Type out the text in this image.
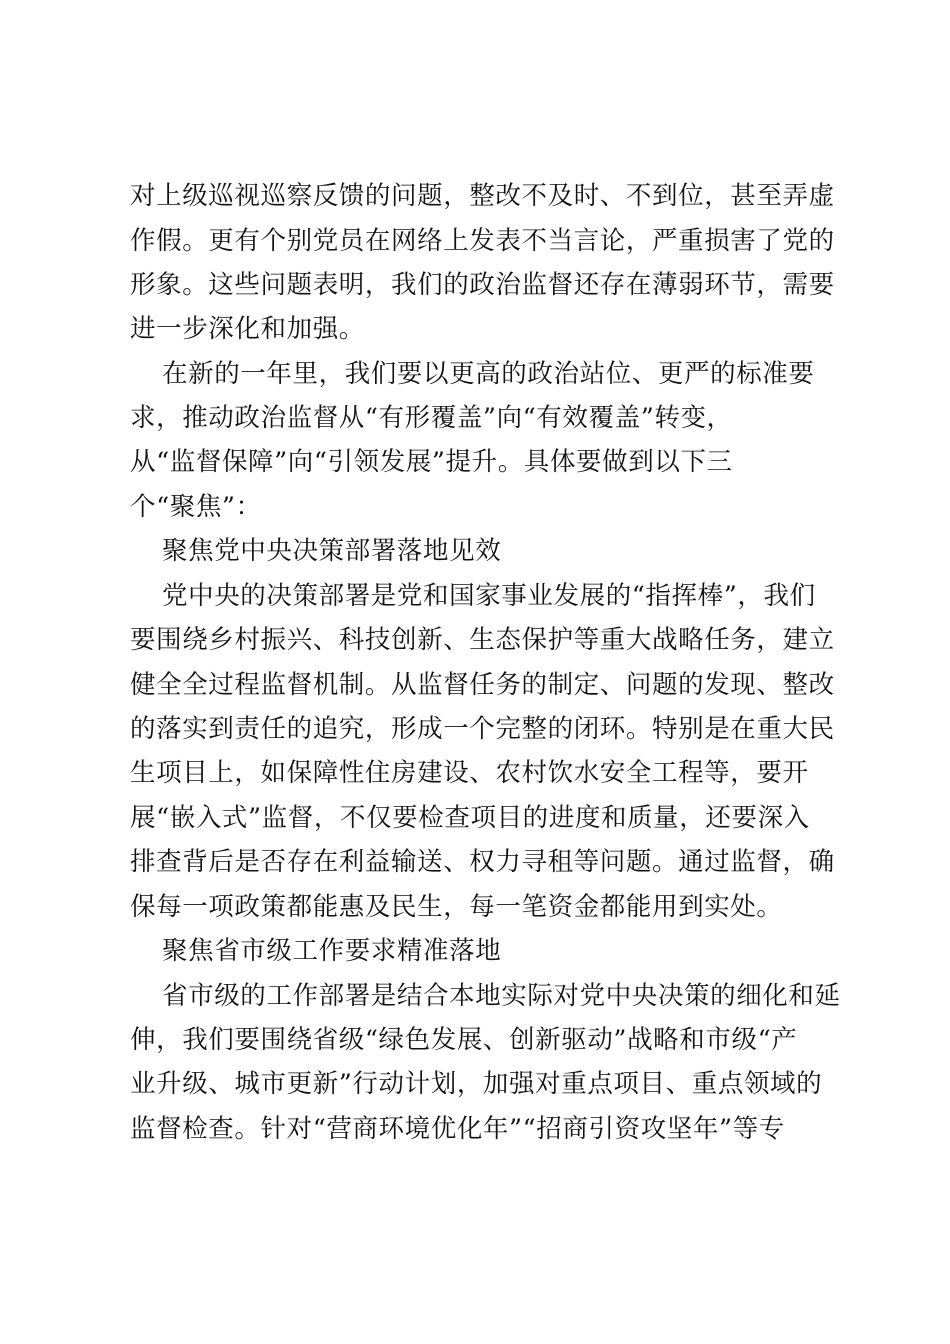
对上级巡视巡察反馈的问题，整改不及时、不到位，甚至弄虚
作假。更有个别党员在网络上发表不当言论，严重损害了党的
形象。这些问题表明，我们的政治监督还存在薄弱环节，需要
进一步深化和加强。
在新的一年里，我们要以更高的政治站位、更严的标准要
求，推动政治监督从“有形覆盖”向“有效覆盖”转变，
从“监督保障”向“引领发展”提升。具体要做到以下三
个“聚焦”：
聚焦党中央决策部署落地见效
党中央的决策部署是党和国家事业发展的“指挥棒”，我们
要围绕乡村振兴、科技创新、生态保护等重大战略任务，建立
健全全过程监督机制。从监督任务的制定、问题的发现、整改
的落实到责任的追究，形成一个完整的闭环。特别是在重大民
生项目上，如保障性住房建设、农村饮水安全工程等，要开
展“嵌入式”监督，不仅要检查项目的进度和质量，还要深入
排查背后是否存在利益输送、权力寻租等问题。通过监督，确
保每一项政策都能惠及民生，每一笔资金都能用到实处。
聚焦省市级工作要求精准落地
省市级的工作部署是结合本地实际对党中央决策的细化和延
伸，我们要围绕省级“绿色发展、创新驱动”战略和市级“产
业升级、城市更新”行动计划，加强对重点项目、重点领域的
监督检查。针对“营商环境优化年”“招商引资攻坚年”等专
